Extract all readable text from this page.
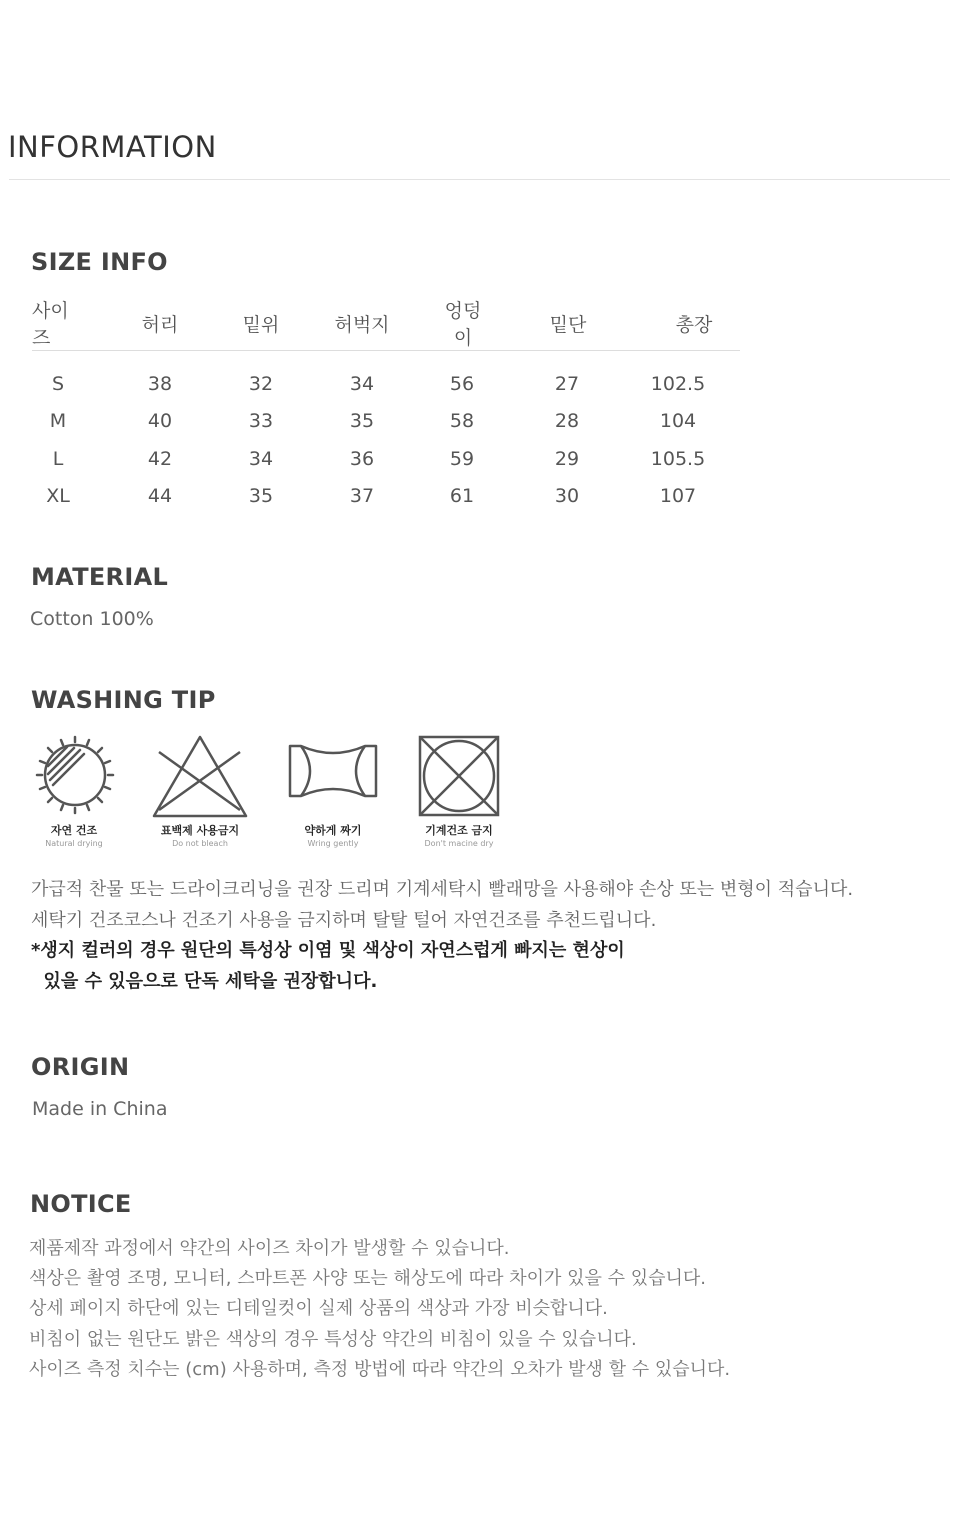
INFORMATION
SIZE INFO
사이즈	허리	밑위	허벅지	엉덩이	밑단	총장
S	38	32	34	56	27	102.5
M	40	33	35	58	28	104
L	42	34	36	59	29	105.5
XL	44	35	37	61	30	107
MATERIAL

Cotton 100%

WASHING TIP
자연 건조
Natural drying
표백제 사용금지
Do not bleach
약하게 짜기
Wring gently
기계건조 금지
Don't macine dry

가급적 찬물 또는 드라이크리닝을 권장 드리며 기계세탁시 빨래망을 사용해야 손상 또는 변형이 적습니다.

세탁기 건조코스나 건조기 사용을 금지하며 탈탈 털어 자연건조를 추천드립니다.

*생지 컬러의 경우 원단의 특성상 이염 및 색상이 자연스럽게 빠지는 현상이

있을 수 있음으로 단독 세탁을 권장합니다.

ORIGIN

Made in China

NOTICE
제품제작 과정에서 약간의 사이즈 차이가 발생할 수 있습니다.
색상은 촬영 조명, 모니터, 스마트폰 사양 또는 해상도에 따라 차이가 있을 수 있습니다.
상세 페이지 하단에 있는 디테일컷이 실제 상품의 색상과 가장 비슷합니다.
비침이 없는 원단도 밝은 색상의 경우 특성상 약간의 비침이 있을 수 있습니다.
사이즈 측정 치수는 (cm) 사용하며, 측정 방법에 따라 약간의 오차가 발생 할 수 있습니다.
